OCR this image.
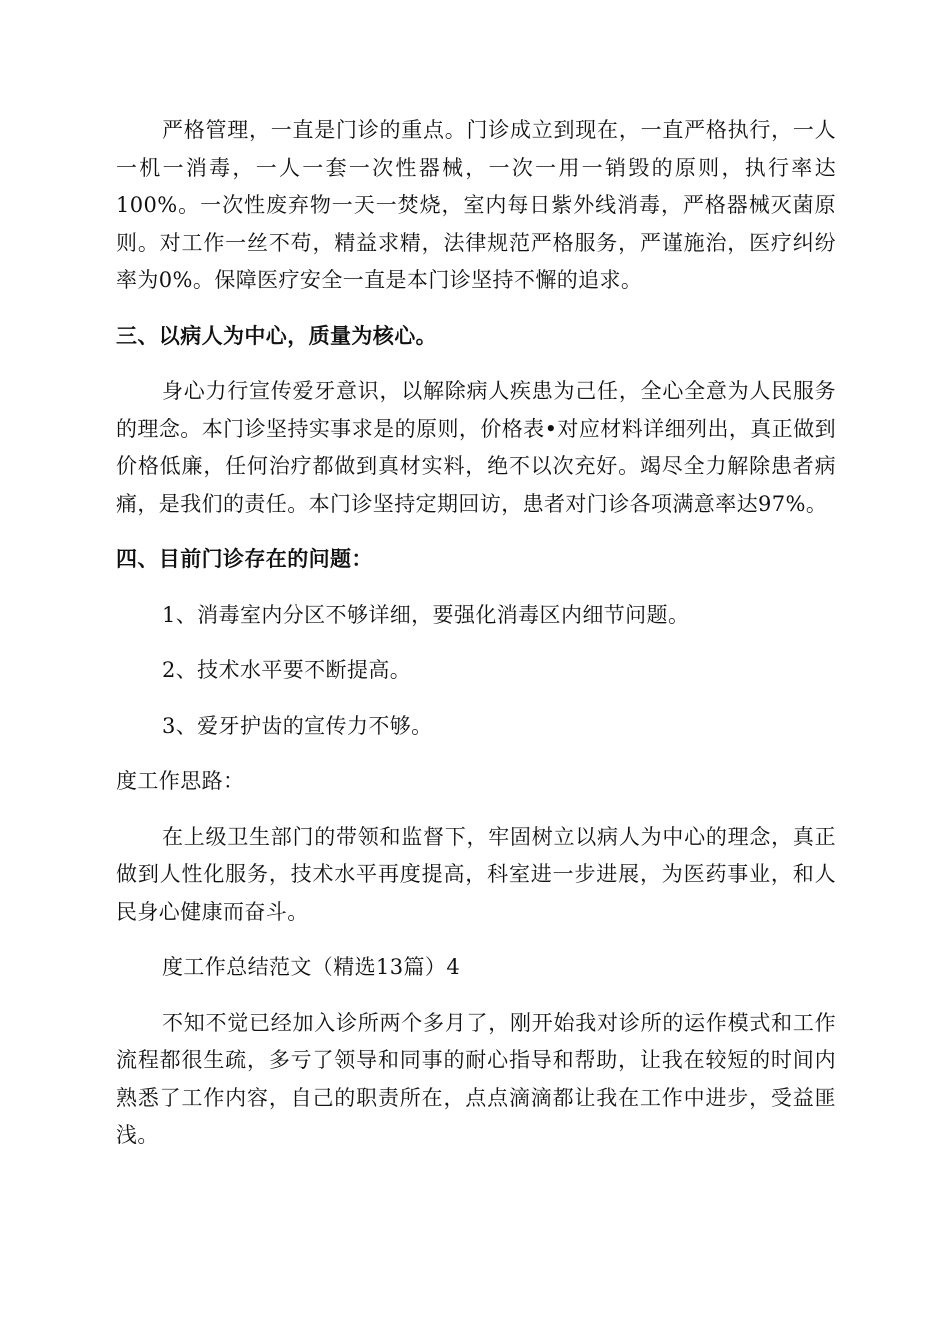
严格管理，一直是门诊的重点。门诊成立到现在，一直严格执行，一人一机一消毒，一人一套一次性器械，一次一用一销毁的原则，执行率达100%。一次性废弃物一天一焚烧，室内每日紫外线消毒，严格器械灭菌原则。对工作一丝不苟，精益求精，法律规范严格服务，严谨施治，医疗纠纷率为0%。保障医疗安全一直是本门诊坚持不懈的追求。

三、以病人为中心，质量为核心。

身心力行宣传爱牙意识，以解除病人疾患为己任，全心全意为人民服务的理念。本门诊坚持实事求是的原则，价格表•对应材料详细列出，真正做到价格低廉，任何治疗都做到真材实料，绝不以次充好。竭尽全力解除患者病痛，是我们的责任。本门诊坚持定期回访，患者对门诊各项满意率达97%。

四、目前门诊存在的问题：

1、消毒室内分区不够详细，要强化消毒区内细节问题。

2、技术水平要不断提高。

3、爱牙护齿的宣传力不够。

度工作思路：

在上级卫生部门的带领和监督下，牢固树立以病人为中心的理念，真正做到人性化服务，技术水平再度提高，科室进一步进展，为医药事业，和人民身心健康而奋斗。

度工作总结范文（精选13篇）4

不知不觉已经加入诊所两个多月了，刚开始我对诊所的运作模式和工作流程都很生疏，多亏了领导和同事的耐心指导和帮助，让我在较短的时间内熟悉了工作内容，自己的职责所在，点点滴滴都让我在工作中进步，受益匪浅。
